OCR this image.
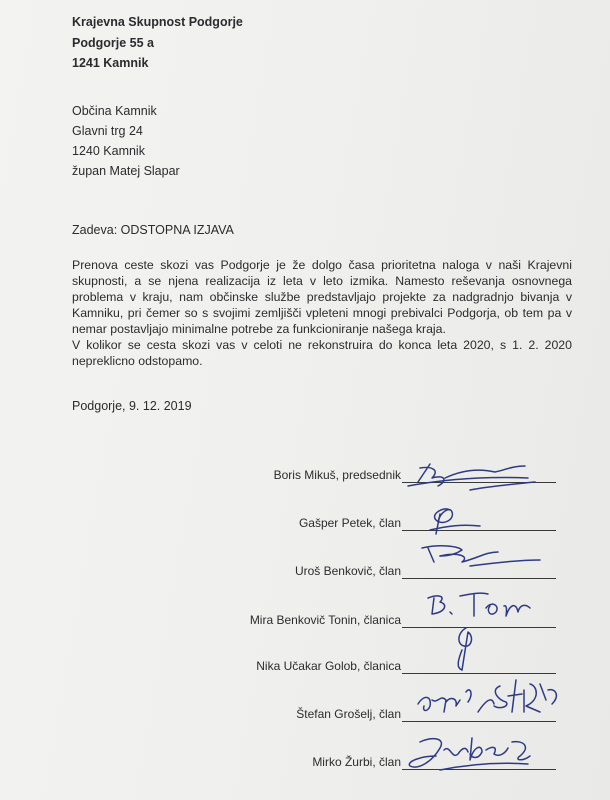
Krajevna Skupnost Podgorje
Podgorje 55 a
1241 Kamnik
Občina Kamnik
Glavni trg 24
1240 Kamnik
župan Matej Slapar
Zadeva: ODSTOPNA IZJAVA

Prenova ceste skozi vas Podgorje je že dolgo časa prioritetna naloga v naši Krajevni skupnosti, a se njena realizacija iz leta v leto izmika. Namesto reševanja osnovnega problema v kraju, nam občinske službe predstavljajo projekte za nadgradnjo bivanja v Kamniku, pri čemer so s svojimi zemljišči vpleteni mnogi prebivalci Podgorja, ob tem pa v nemar postavljajo minimalne potrebe za funkcioniranje našega kraja.

V kolikor se cesta skozi vas v celoti ne rekonstruira do konca leta 2020, s 1. 2. 2020 nepreklicno odstopamo.

Podgorje, 9. 12. 2019
Boris Mikuš, predsednik
Gašper Petek, član
Uroš Benkovič, član
Mira Benkovič Tonin, članica
Nika Učakar Golob, članica
Štefan Grošelj, član
Mirko Žurbi, član
